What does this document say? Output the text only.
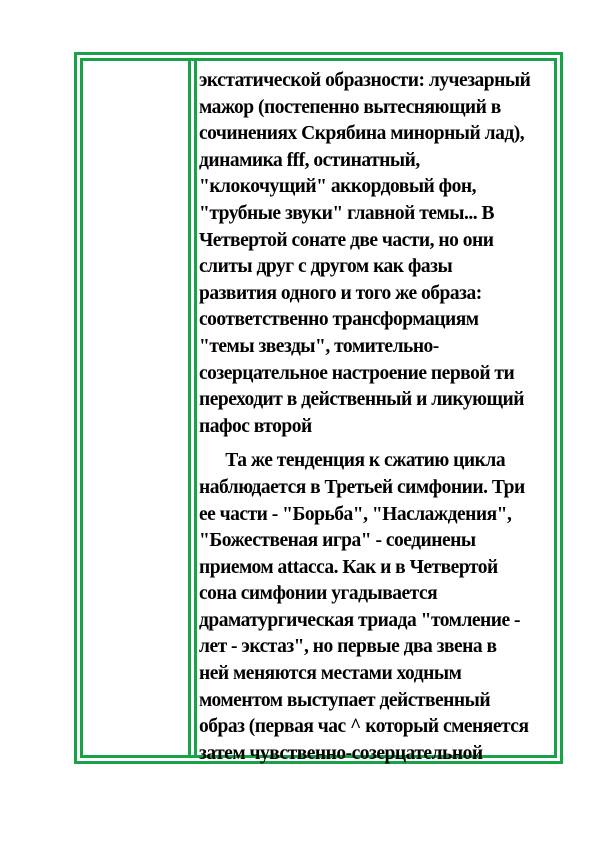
экстатической образности: лучезарный
мажор (постепенно вытесняющий в
сочинениях Скрябина минорный лад),
динамика fff, остинатный,
"клокочущий" аккордовый фон,
"трубные звуки" главной темы... В
Четвертой сонате две части, но они
слиты друг с другом как фазы
развития одного и того же образа:
соответственно трансформациям
"темы звезды", томительно-
созерцательное настроение первой ти
переходит в действенный и ликующий
пафос второй
Та же тенденция к сжатию цикла
наблюдается в Третьей симфонии. Три
ее части - "Борьба", "Наслаждения",
"Божественая игра" - соединены
приемом attacca. Как и в Четвертой
сона симфонии угадывается
драматургическая триада "томление -
лет - экстаз", но первые два звена в
ней меняются местами ходным
моментом выступает действенный
образ (первая час ^ который сменяется
затем чувственно-созерцательной
